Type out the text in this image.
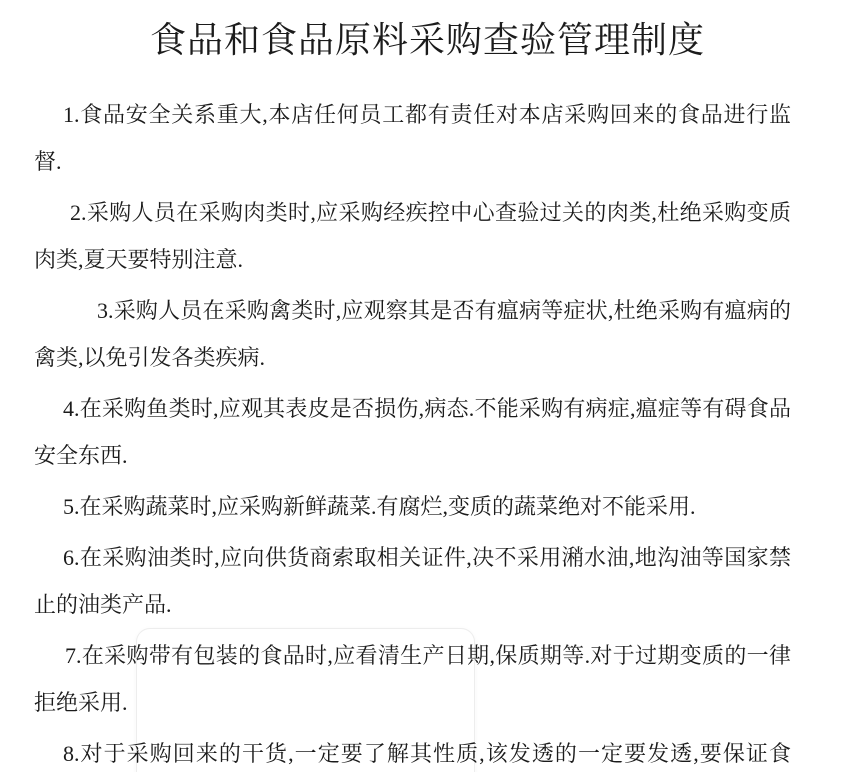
食品和食品原料采购查验管理制度

1.食品安全关系重大,本店任何员工都有责任对本店采购回来的食品进行监督.

2.采购人员在采购肉类时,应采购经疾控中心查验过关的肉类,杜绝采购变质肉类,夏天要特别注意.

3.采购人员在采购禽类时,应观察其是否有瘟病等症状,杜绝采购有瘟病的禽类,以免引发各类疾病.

4.在采购鱼类时,应观其表皮是否损伤,病态.不能采购有病症,瘟症等有碍食品安全东西.

5.在采购蔬菜时,应采购新鲜蔬菜.有腐烂,变质的蔬菜绝对不能采用.

6.在采购油类时,应向供货商索取相关证件,决不采用潲水油,地沟油等国家禁止的油类产品.

7.在采购带有包装的食品时,应看清生产日期,保质期等.对于过期变质的一律拒绝采用.

8.对于采购回来的干货,一定要了解其性质,该发透的一定要发透,要保证食
